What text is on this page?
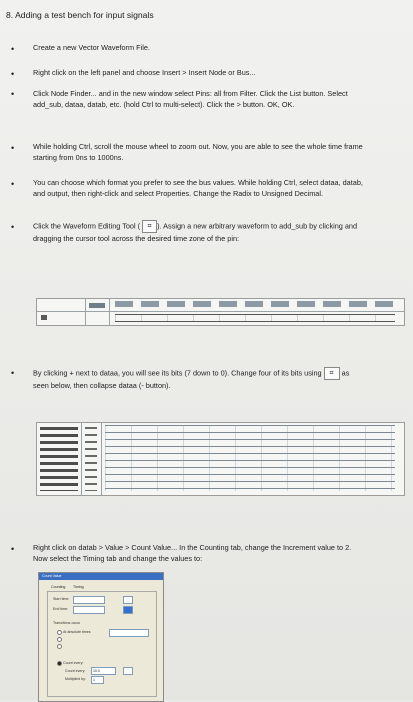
8. Adding a test bench for input signals
•	Create a new Vector Waveform File.
•	Right click on the left panel and choose Insert > Insert Node or Bus...
•	Click Node Finder... and in the new window select Pins: all from Filter. Click the List button. Select add_sub, dataa, datab, etc. (hold Ctrl to multi-select). Click the > button. OK, OK.
•	While holding Ctrl, scroll the mouse wheel to zoom out. Now, you are able to see the whole time frame starting from 0ns to 1000ns.
•	You can choose which format you prefer to see the bus values. While holding Ctrl, select dataa, datab, and output, then right-click and select Properties. Change the Radix to Unsigned Decimal.
•	Click the Waveform Editing Tool ( ⌗ ). Assign a new arbitrary waveform to add_sub by clicking and dragging the cursor tool across the desired time zone of the pin:
•	By clicking + next to dataa, you will see its bits (7 down to 0). Change four of its bits using ⌗ as seen below, then collapse dataa (- button).
•	Right click on datab > Value > Count Value... In the Counting tab, change the Increment value to 2. Now select the Timing tab and change the values to:
Count Value
Counting Timing
Start time:
End time:
Transitions occur
At absolute times
Count every:
10.0
Count every:
Multiplied by:	1
